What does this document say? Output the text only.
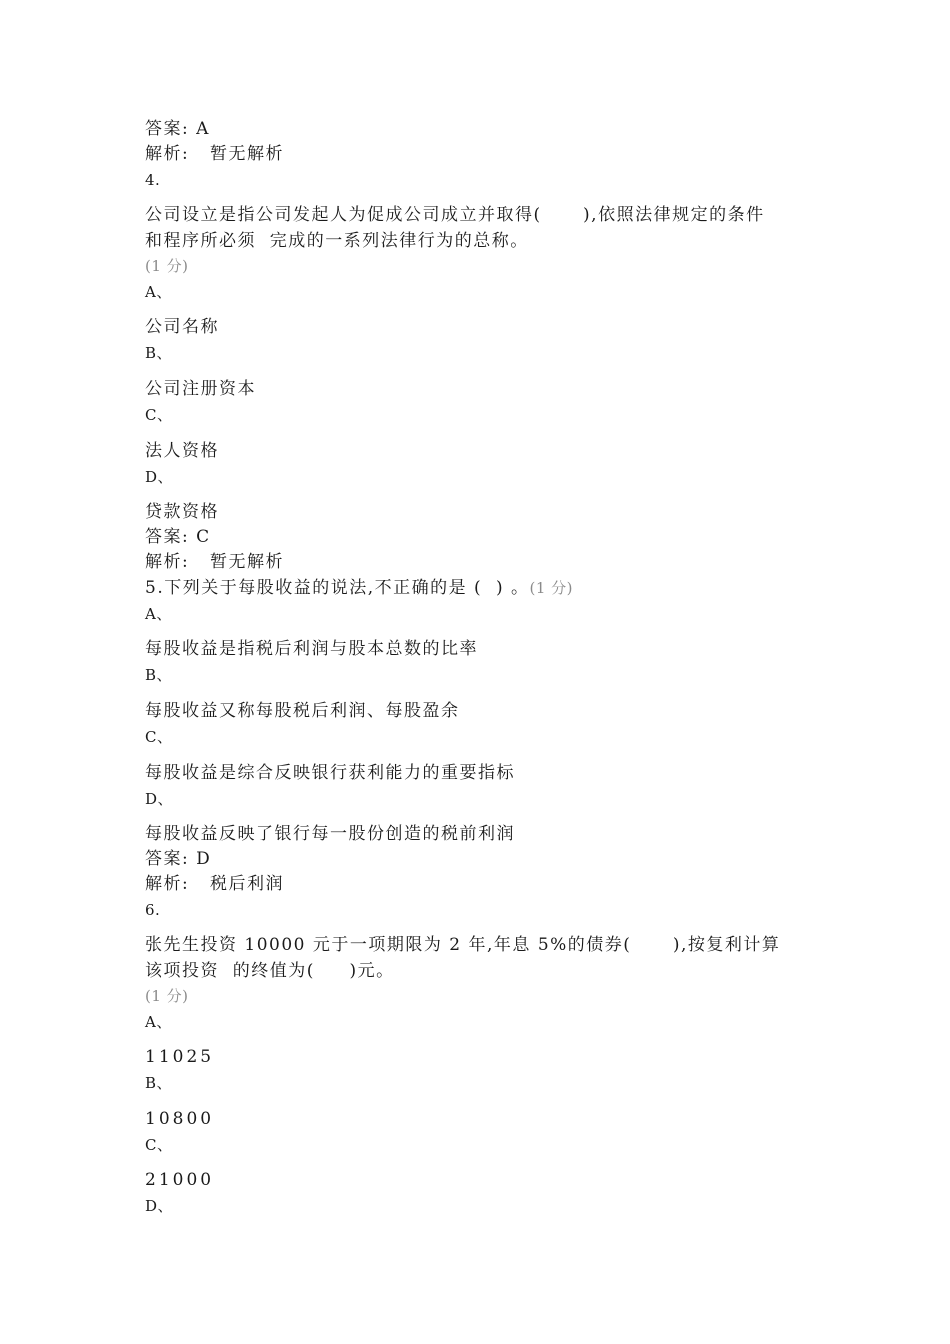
答案: A
解析:   暂无解析
4.
公司设立是指公司发起人为促成公司成立并取得(      ),依照法律规定的条件
和程序所必须  完成的一系列法律行为的总称。
(1 分)
A、
公司名称
B、
公司注册资本
C、
法人资格
D、
贷款资格
答案: C
解析:   暂无解析
5.下列关于每股收益的说法,不正确的是 (  ) 。(1 分)
A、
每股收益是指税后利润与股本总数的比率
B、
每股收益又称每股税后利润、每股盈余
C、
每股收益是综合反映银行获利能力的重要指标
D、
每股收益反映了银行每一股份创造的税前利润
答案: D
解析:   税后利润
6.
张先生投资 10000 元于一项期限为 2 年,年息 5%的债券(      ),按复利计算
该项投资  的终值为(     )元。
(1 分)
A、
11025
B、
10800
C、
21000
D、
